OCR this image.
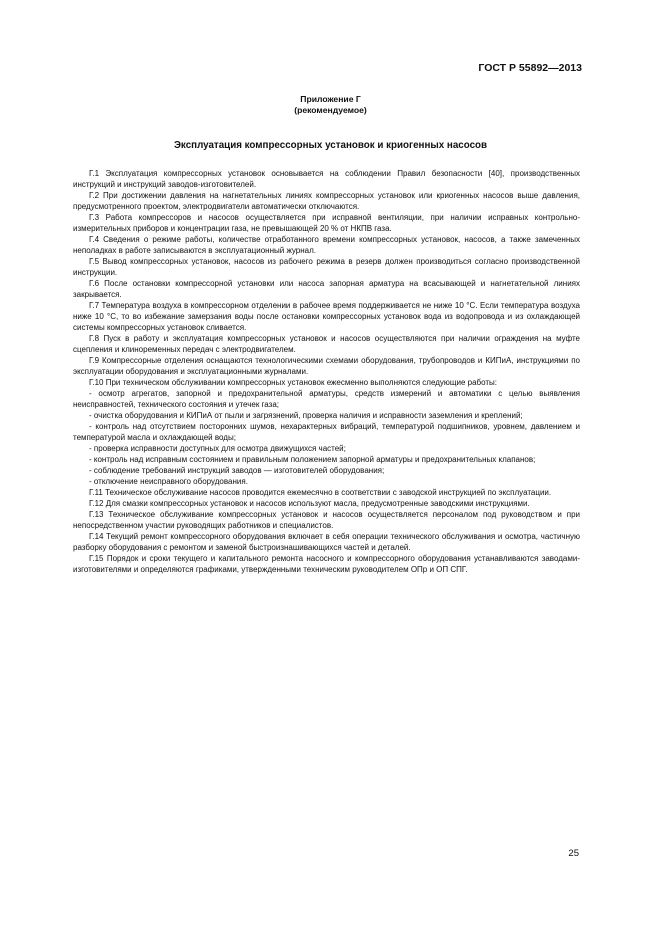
ГОСТ Р 55892—2013
Приложение Г
(рекомендуемое)
Эксплуатация компрессорных установок и криогенных насосов

Г.1 Эксплуатация компрессорных установок основывается на соблюдении Правил безопасности [40], производственных инструкций и инструкций заводов-изготовителей.

Г.2 При достижении давления на нагнетательных линиях компрессорных установок или криогенных насосов выше давления, предусмотренного проектом, электродвигатели автоматически отключаются.

Г.3 Работа компрессоров и насосов осуществляется при исправной вентиляции, при наличии исправных контрольно-измерительных приборов и концентрации газа, не превышающей 20 % от НКПВ газа.

Г.4 Сведения о режиме работы, количестве отработанного времени компрессорных установок, насосов, а также замеченных неполадках в работе записываются в эксплуатационный журнал.

Г.5 Вывод компрессорных установок, насосов из рабочего режима в резерв должен производиться согласно производственной инструкции.

Г.6 После остановки компрессорной установки или насоса запорная арматура на всасывающей и нагнетательной линиях закрывается.

Г.7 Температура воздуха в компрессорном отделении в рабочее время поддерживается не ниже 10 °С. Если температура воздуха ниже 10 °С, то во избежание замерзания воды после остановки компрессорных установок вода из водопровода и из охлаждающей системы компрессорных установок сливается.

Г.8 Пуск в работу и эксплуатация компрессорных установок и насосов осуществляются при наличии ограждения на муфте сцепления и клиноременных передач с электродвигателем.

Г.9 Компрессорные отделения оснащаются технологическими схемами оборудования, трубопроводов и КИПиА, инструкциями по эксплуатации оборудования и эксплуатационными журналами.

Г.10 При техническом обслуживании компрессорных установок ежесменно выполняются следующие работы:

- осмотр агрегатов, запорной и предохранительной арматуры, средств измерений и автоматики с целью выявления неисправностей, технического состояния и утечек газа;

- очистка оборудования и КИПиА от пыли и загрязнений, проверка наличия и исправности заземления и креплений;

- контроль над отсутствием посторонних шумов, нехарактерных вибраций, температурой подшипников, уровнем, давлением и температурой масла и охлаждающей воды;

- проверка исправности доступных для осмотра движущихся частей;

- контроль над исправным состоянием и правильным положением запорной арматуры и предохранительных клапанов;

- соблюдение требований инструкций заводов — изготовителей оборудования;

- отключение неисправного оборудования.

Г.11 Техническое обслуживание насосов проводится ежемесячно в соответствии с заводской инструкцией по эксплуатации.

Г.12 Для смазки компрессорных установок и насосов используют масла, предусмотренные заводскими инструкциями.

Г.13 Техническое обслуживание компрессорных установок и насосов осуществляется персоналом под руководством и при непосредственном участии руководящих работников и специалистов.

Г.14 Текущий ремонт компрессорного оборудования включает в себя операции технического обслуживания и осмотра, частичную разборку оборудования с ремонтом и заменой быстроизнашивающихся частей и деталей.

Г.15 Порядок и сроки текущего и капитального ремонта насосного и компрессорного оборудования устанавливаются заводами-изготовителями и определяются графиками, утвержденными техническим руководителем ОПр и ОП СПГ.

25
